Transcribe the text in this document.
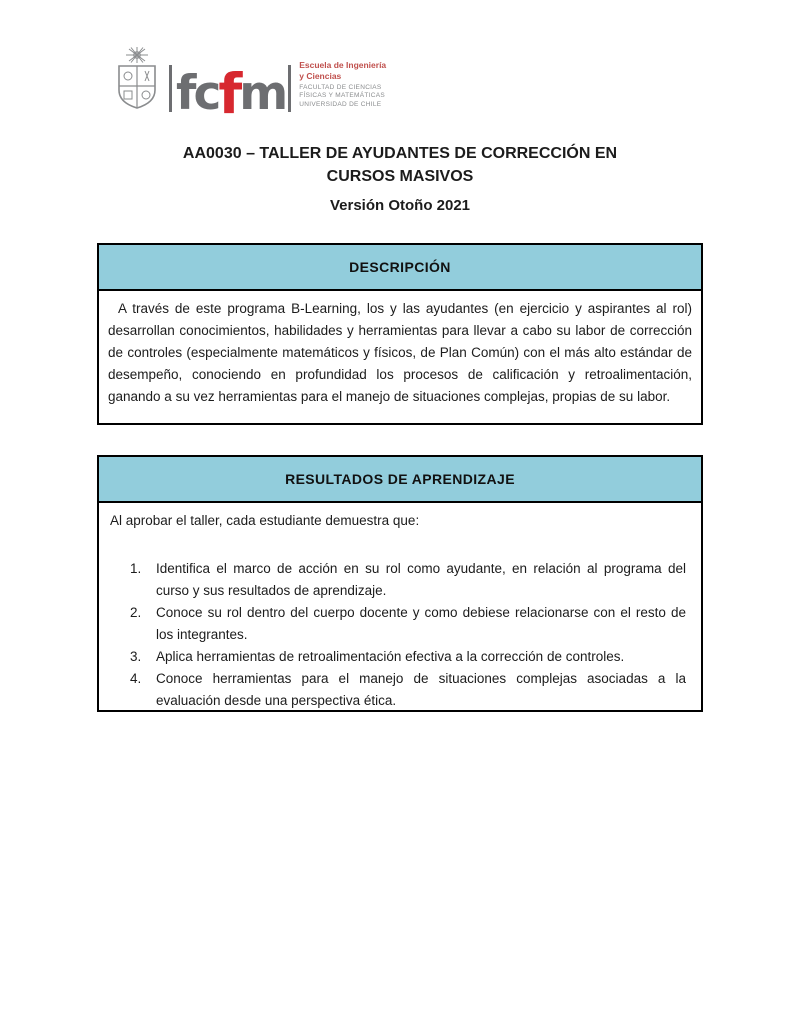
fcfm
Escuela de Ingeniería
y Ciencias
FACULTAD DE CIENCIAS
FÍSICAS Y MATEMÁTICAS
UNIVERSIDAD DE CHILE
AA0030 – TALLER DE AYUDANTES DE CORRECCIÓN EN
CURSOS MASIVOS
Versión Otoño 2021
DESCRIPCIÓN

A través de este programa B-Learning, los y las ayudantes (en ejercicio y aspirantes al rol) desarrollan conocimientos, habilidades y herramientas para llevar a cabo su labor de corrección de controles (especialmente matemáticos y físicos, de Plan Común) con el más alto estándar de desempeño, conociendo en profundidad los procesos de calificación y retroalimentación, ganando a su vez herramientas para el manejo de situaciones complejas, propias de su labor.

RESULTADOS DE APRENDIZAJE

Al aprobar el taller, cada estudiante demuestra que:

1.	Identifica el marco de acción en su rol como ayudante, en relación al programa del curso y sus resultados de aprendizaje.
2.	Conoce su rol dentro del cuerpo docente y como debiese relacionarse con el resto de los integrantes.
3.	Aplica herramientas de retroalimentación efectiva a la corrección de controles.
4.	Conoce herramientas para el manejo de situaciones complejas asociadas a la evaluación desde una perspectiva ética.
